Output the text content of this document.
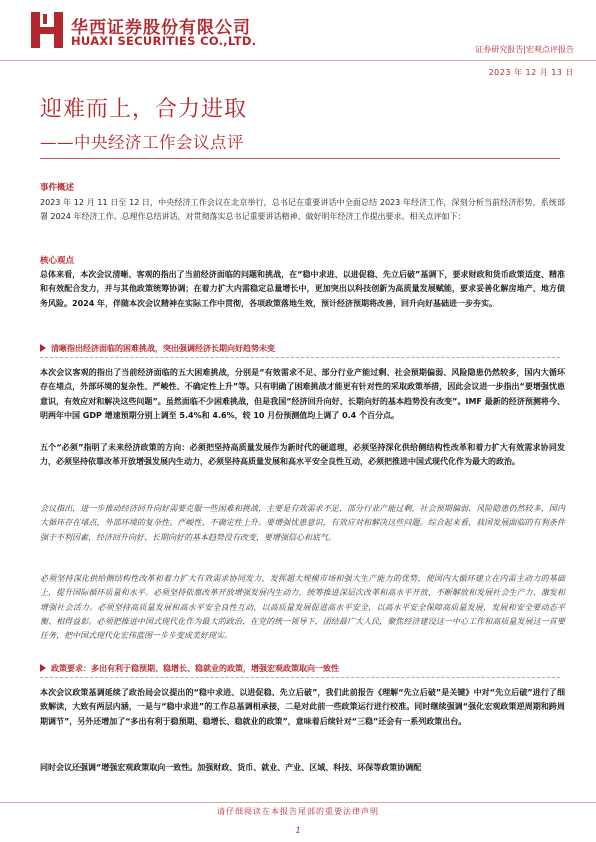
华西证券股份有限公司
HUAXI SECURITIES CO.,LTD.
证券研究报告|宏观点评报告
2023 年 12 月 13 日
迎难而上，合力进取
——中央经济工作会议点评
事件概述

2023 年 12 月 11 日至 12 日，中央经济工作会议在北京举行，总书记在重要讲话中全面总结 2023 年经济工作，深刻分析当前经济形势，系统部署 2024 年经济工作。总理作总结讲话，对贯彻落实总书记重要讲话精神、做好明年经济工作提出要求。相关点评如下：

核心观点

总体来看，本次会议清晰、客观的指出了当前经济面临的问题和挑战，在“稳中求进、以进促稳、先立后破”基调下，要求财政和货币政策适度、精准和有效配合发力，并与其他政策统筹协调；在着力扩大内需稳定总量增长中，更加突出以科技创新为高质量发展赋能，要求妥善化解房地产、地方债务风险。2024 年，伴随本次会议精神在实际工作中贯彻，各项政策落地生效，预计经济预期将改善，回升向好基础进一步夯实。

清晰指出经济面临的困难挑战，突出强调经济长期向好趋势未变

本次会议客观的指出了当前经济面临的五大困难挑战，分别是“有效需求不足、部分行业产能过剩、社会预期偏弱、风险隐患仍然较多，国内大循环存在堵点，外部环境的复杂性、严峻性、不确定性上升”等。只有明确了困难挑战才能更有针对性的采取政策举措，因此会议进一步指出“要增强忧患意识，有效应对和解决这些问题”。虽然面临不少困难挑战，但是我国“经济回升向好、长期向好的基本趋势没有改变”。IMF 最新的经济预测将今、明两年中国 GDP 增速预期分别上调至 5.4%和 4.6%，较 10 月份预测值均上调了 0.4 个百分点。

五个“必须”指明了未来经济政策的方向：必须把坚持高质量发展作为新时代的硬道理，必须坚持深化供给侧结构性改革和着力扩大有效需求协同发力，必须坚持依靠改革开放增强发展内生动力，必须坚持高质量发展和高水平安全良性互动，必须把推进中国式现代化作为最大的政治。

会议指出，进一步推动经济回升向好需要克服一些困难和挑战，主要是有效需求不足、部分行业产能过剩，社会预期偏弱、风险隐患仍然较多，国内大循环存在堵点，外部环境的复杂性、严峻性、不确定性上升。要增强忧患意识，有效应对和解决这些问题。综合起来看，我国发展面临的有利条件强于不利因素，经济回升向好、长期向好的基本趋势没有改变，要增强信心和底气。

必须坚持深化供给侧结构性改革和着力扩大有效需求协同发力，发挥超大规模市场和强大生产能力的优势，使国内大循环建立在内需主动力的基础上，提升国际循环质量和水平。必须坚持依靠改革开放增强发展内生动力，统筹推进深层次改革和高水平开放，不断解放和发展社会生产力、激发和增强社会活力。必须坚持高质量发展和高水平安全良性互动，以高质量发展促进高水平安全，以高水平安全保障高质量发展，发展和安全要动态平衡、相得益彰。必须把推进中国式现代化作为最大的政治，在党的统一领导下，团结最广大人民，聚焦经济建设这一中心工作和高质量发展这一首要任务，把中国式现代化宏伟蓝图一步步变成美好现实。

政策要求：多出有利于稳预期、稳增长、稳就业的政策，增强宏观政策取向一致性

本次会议政策基调延续了政治局会议提出的“稳中求进、以进促稳、先立后破”，我们此前报告《理解“先立后破”是关键》中对“先立后破”进行了细致解读，大致有两层内涵，一是与“稳中求进”的工作总基调相承接，二是对此前一些政策运行进行校准。同时继续强调“强化宏观政策逆周期和跨周期调节”，另外还增加了“多出有利于稳预期、稳增长、稳就业的政策”，意味着后续针对“三稳”还会有一系列政策出台。

同时会议还强调“增强宏观政策取向一致性。加强财政、货币、就业、产业、区域、科技、环保等政策协调配

请仔细阅读在本报告尾部的重要法律声明
1
